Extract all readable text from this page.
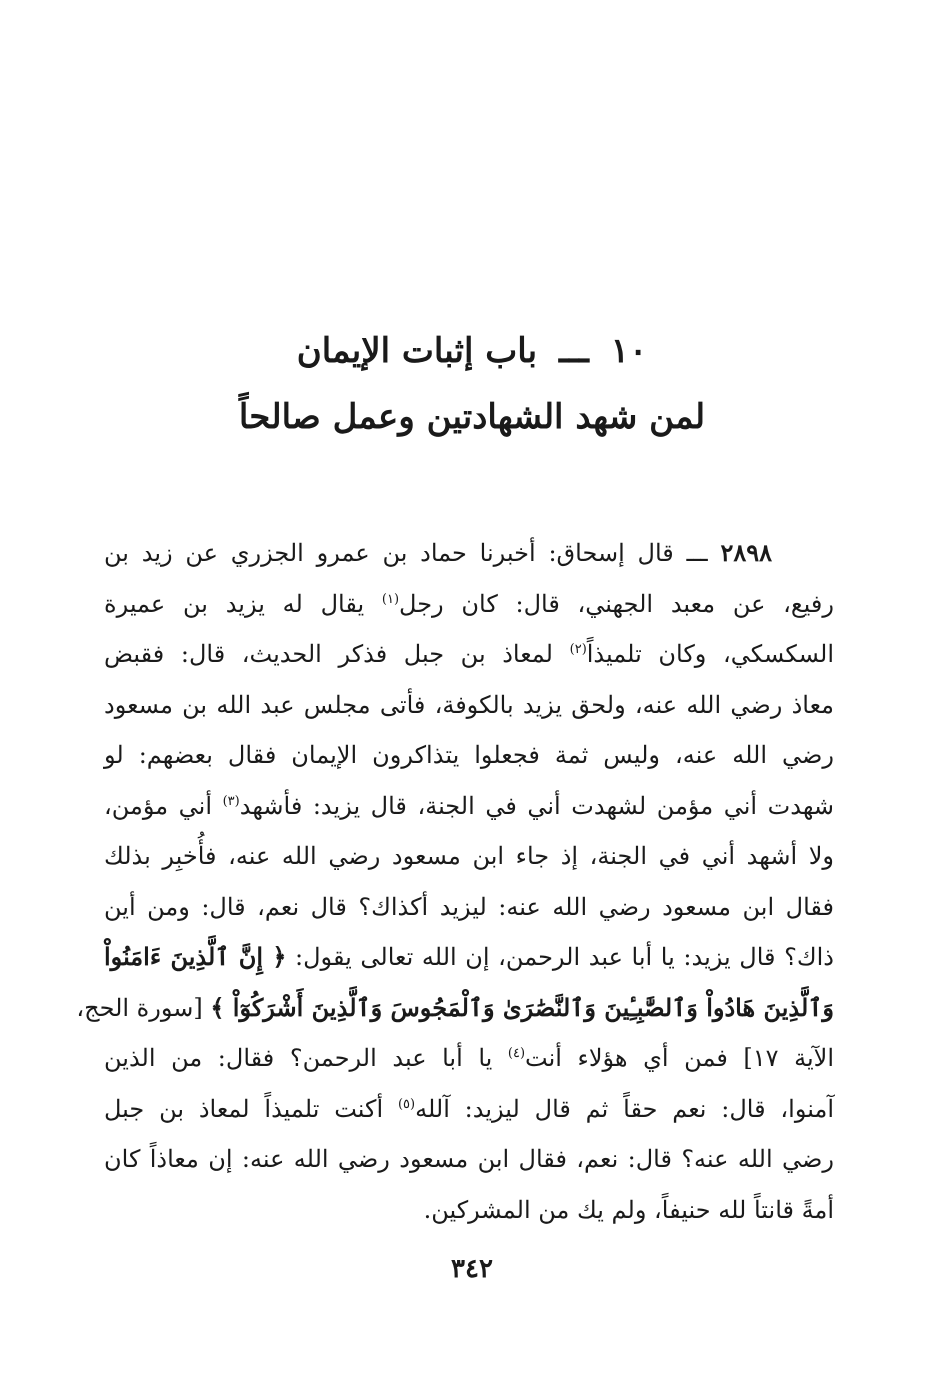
١٠ ـــ باب إثبات الإيمان
لمن شهد الشهادتين وعمل صالحاً
٢٨٩٨ ـــ قال إسحاق: أخبرنا حماد بن عمرو الجزري عن زيد بن
رفيع، عن معبد الجهني، قال: كان رجل$^{(١)}$ يقال له يزيد بن عميرة
السكسكي، وكان تلميذاً$^{(٢)}$ لمعاذ بن جبل فذكر الحديث، قال: فقبض
معاذ رضي الله عنه، ولحق يزيد بالكوفة، فأتى مجلس عبد الله بن مسعود
رضي الله عنه، وليس ثمة فجعلوا يتذاكرون الإيمان فقال بعضهم: لو
شهدت أني مؤمن لشهدت أني في الجنة، قال يزيد: فأشهد$^{(٣)}$ أني مؤمن،
ولا أشهد أني في الجنة، إذ جاء ابن مسعود رضي الله عنه، فأُخبِر بذلك
فقال ابن مسعود رضي الله عنه: ليزيد أكذاك؟ قال نعم، قال: ومن أين
ذاك؟ قال يزيد: يا أبا عبد الرحمن، إن الله تعالى يقول: ﴿ إِنَّ ٱلَّذِينَ ءَامَنُواْ
وَٱلَّذِينَ هَادُواْ وَٱلصَّٰبِـِٔينَ وَٱلنَّصَٰرَىٰ وَٱلْمَجُوسَ وَٱلَّذِينَ أَشْرَكُوٓاْ ﴾ [سورة الحج،
الآية ١٧] فمن أي هؤلاء أنت$^{(٤)}$ يا أبا عبد الرحمن؟ فقال: من الذين
آمنوا، قال: نعم حقاً ثم قال ليزيد: آلله$^{(٥)}$ أكنت تلميذاً لمعاذ بن جبل
رضي الله عنه؟ قال: نعم، فقال ابن مسعود رضي الله عنه: إن معاذاً كان
أمةً قانتاً لله حنيفاً، ولم يك من المشركين.
٣٤٢
